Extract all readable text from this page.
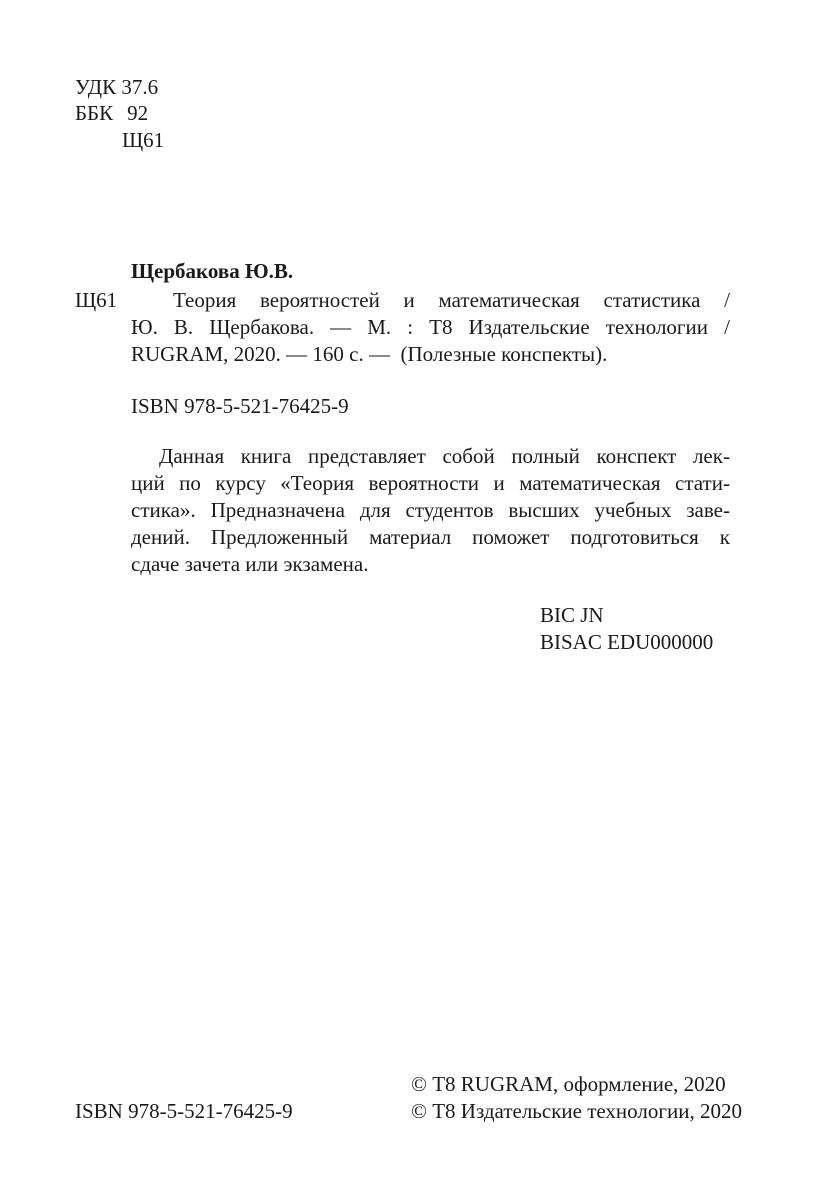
УДК 37.6
ББК 92
Щ61
Щербакова Ю.В.
Щ61	Теория вероятностей и математическая статистика /
Ю. В. Щербакова. — М. : Т8 Издательские технологии /
RUGRAM, 2020. — 160 с. —  (Полезные конспекты).
ISBN 978-5-521-76425-9
Данная книга представляет собой полный конспект лек-
ций по курсу «Теория вероятности и математическая стати-
стика». Предназначена для студентов высших учебных заве-
дений. Предложенный материал поможет подготовиться к
сдаче зачета или экзамена.
BIC JN
BISAC EDU000000
© Т8 RUGRAM, оформление, 2020
ISBN 978-5-521-76425-9	© Т8 Издательские технологии, 2020
